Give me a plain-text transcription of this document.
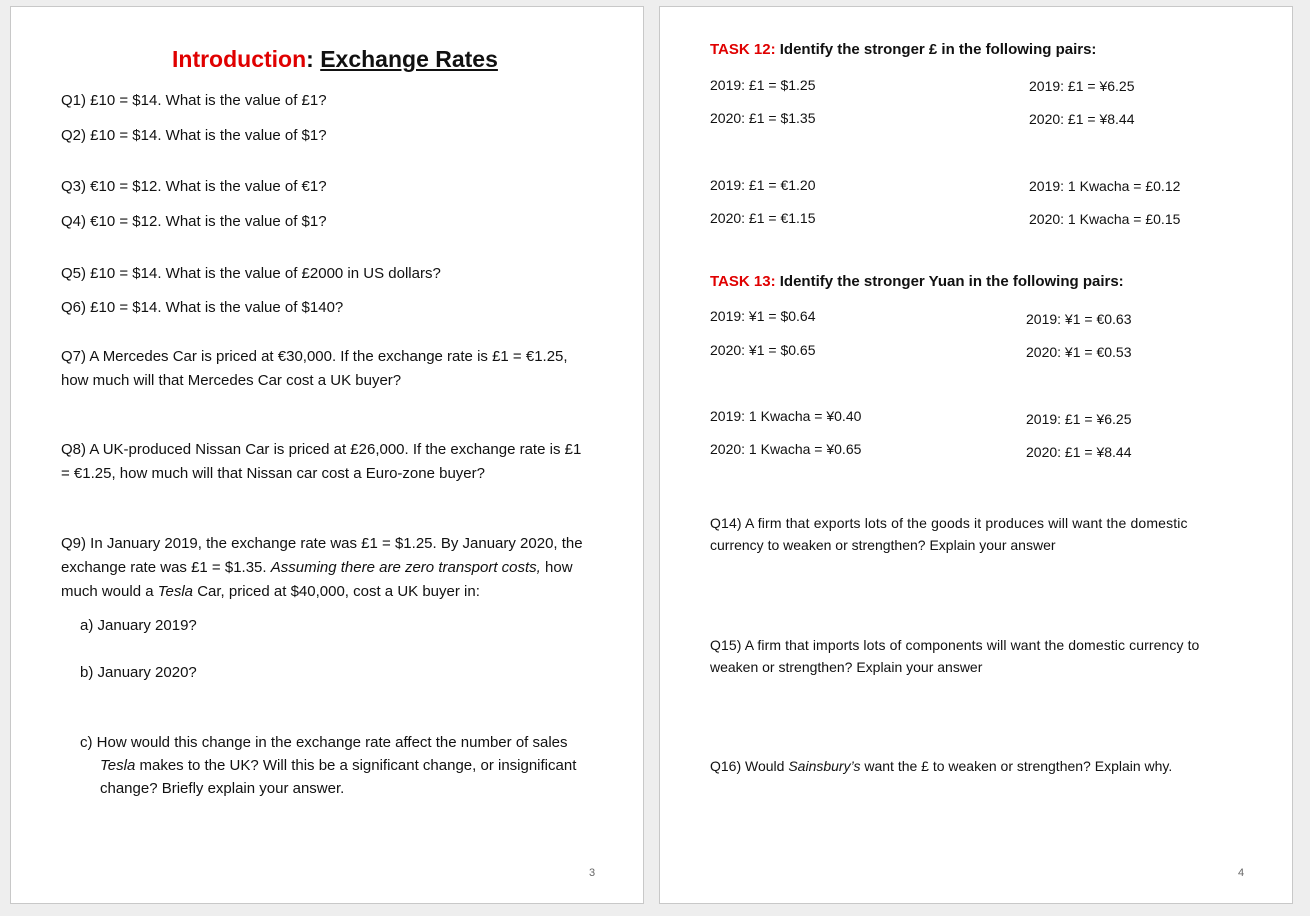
Introduction: Exchange Rates
Q1) £10 = $14. What is the value of £1?
Q2) £10 = $14. What is the value of $1?
Q3) €10 = $12. What is the value of €1?
Q4) €10 = $12. What is the value of $1?
Q5) £10 = $14. What is the value of £2000 in US dollars?
Q6) £10 = $14. What is the value of $140?
Q7) A Mercedes Car is priced at €30,000. If the exchange rate is £1 = €1.25,
how much will that Mercedes Car cost a UK buyer?
Q8) A UK-produced Nissan Car is priced at £26,000. If the exchange rate is £1
= €1.25, how much will that Nissan car cost a Euro-zone buyer?
Q9) In January 2019, the exchange rate was £1 = $1.25. By January 2020, the
exchange rate was £1 = $1.35. Assuming there are zero transport costs, how
much would a Tesla Car, priced at $40,000, cost a UK buyer in:
a) January 2019?
b) January 2020?
c) How would this change in the exchange rate affect the number of sales
Tesla makes to the UK? Will this be a significant change, or insignificant
change? Briefly explain your answer.
3
TASK 12: Identify the stronger £ in the following pairs:
2019: £1 = $1.25
2020: £1 = $1.35
2019: £1 = ¥6.25
2020: £1 = ¥8.44
2019: £1 = €1.20
2020: £1 = €1.15
2019: 1 Kwacha = £0.12
2020: 1 Kwacha = £0.15
TASK 13: Identify the stronger Yuan in the following pairs:
2019: ¥1 = $0.64
2020: ¥1 = $0.65
2019: ¥1 = €0.63
2020: ¥1 = €0.53
2019: 1 Kwacha = ¥0.40
2020: 1 Kwacha = ¥0.65
2019: £1 = ¥6.25
2020: £1 = ¥8.44
Q14) A firm that exports lots of the goods it produces will want the domestic
currency to weaken or strengthen? Explain your answer
Q15) A firm that imports lots of components will want the domestic currency to
weaken or strengthen? Explain your answer
Q16) Would Sainsbury’s want the £ to weaken or strengthen? Explain why.
4
